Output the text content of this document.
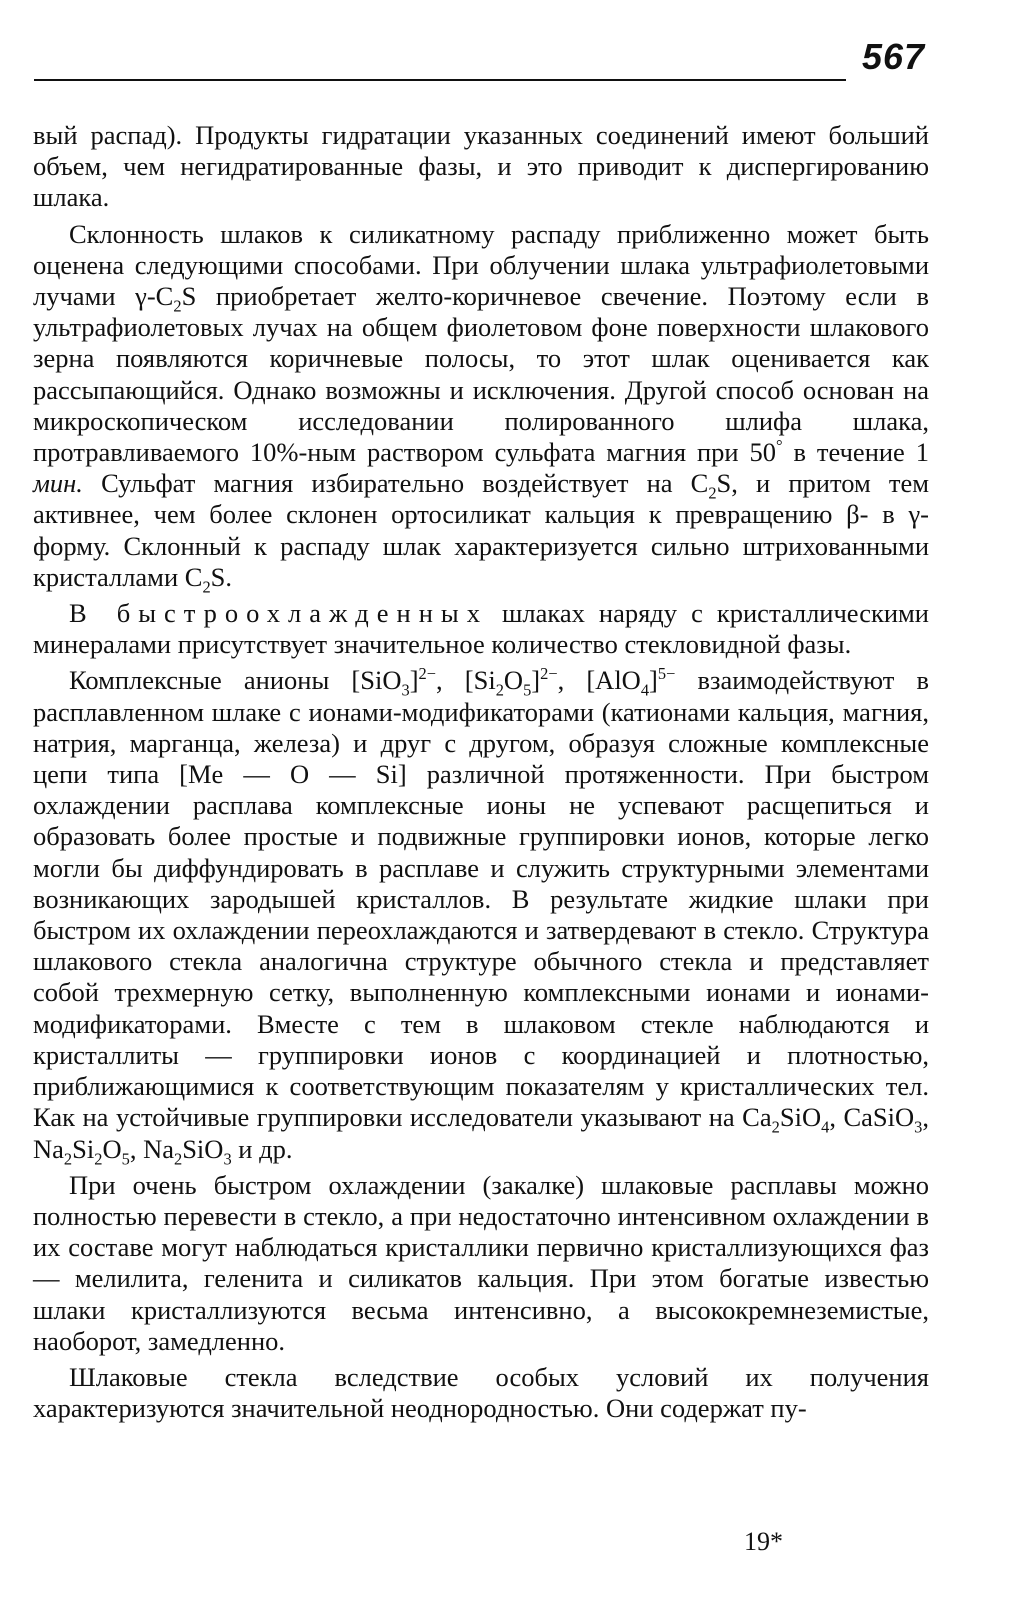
567

вый распад). Продукты гидратации указанных соединений имеют больший объем, чем негидратированные фазы, и это приводит к диспергированию шлака.

Склонность шлаков к силикатному распаду приближенно может быть оценена следующими способами. При облучении шлака ультрафиолетовыми лучами $\gamma-C_2S$ приобретает желто-коричневое свечение. Поэтому если в ультрафиолетовых лучах на общем фиолетовом фоне поверхности шлакового зерна появляются коричневые полосы, то этот шлак оценивается как рассыпающийся. Однако возможны и исключения. Другой способ основан на микроскопическом исследовании полированного шлифа шлака, протравливаемого 10%-ным раствором сульфата магния при 50° в течение 1 мин. Сульфат магния избирательно воздействует на $C_2S$, и притом тем активнее, чем более склонен ортосиликат кальция к превращению β- в γ-форму. Склонный к распаду шлак характеризуется сильно штрихованными кристаллами $C_2S$.

В быстроохлажденных шлаках наряду с кристаллическими минералами присутствует значительное количество стекловидной фазы.

Комплексные анионы $[SiO_3]^{2-}$, $[Si_2O_5]^{2-}$, $[AlO_4]^{5-}$ взаимодействуют в расплавленном шлаке с ионами-модификаторами (катионами кальция, магния, натрия, марганца, железа) и друг с другом, образуя сложные комплексные цепи типа [Me — O — Si] различной протяженности. При быстром охлаждении расплава комплексные ионы не успевают расщепиться и образовать более простые и подвижные группировки ионов, которые легко могли бы диффундировать в расплаве и служить структурными элементами возникающих зародышей кристаллов. В результате жидкие шлаки при быстром их охлаждении переохлаждаются и затвердевают в стекло. Структура шлакового стекла аналогична структуре обычного стекла и представляет собой трехмерную сетку, выполненную комплексными ионами и ионами-модификаторами. Вместе с тем в шлаковом стекле наблюдаются и кристаллиты — группировки ионов с координацией и плотностью, приближающимися к соответствующим показателям у кристаллических тел. Как на устойчивые группировки исследователи указывают на $Ca_2SiO_4$, CaSiO$_3$, $Na_2Si_2O_5$, $Na_2SiO_3$ и др.

При очень быстром охлаждении (закалке) шлаковые расплавы можно полностью перевести в стекло, а при недостаточно интенсивном охлаждении в их составе могут наблюдаться кристаллики первично кристаллизующихся фаз — мелилита, геленита и силикатов кальция. При этом богатые известью шлаки кристаллизуются весьма интенсивно, а высококремнеземистые, наоборот, замедленно.

Шлаковые стекла вследствие особых условий их получения характеризуются значительной неоднородностью. Они содержат пу-

19*
